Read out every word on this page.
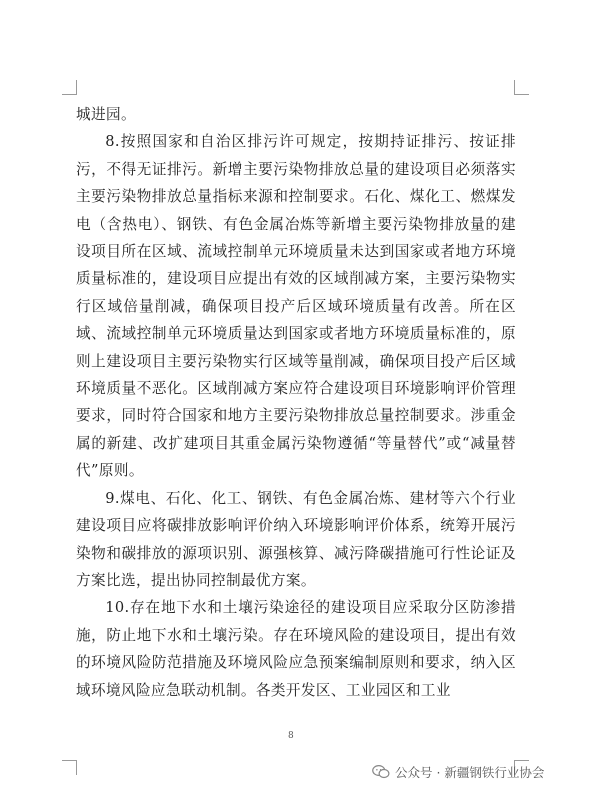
城进园。

8.按照国家和自治区排污许可规定，按期持证排污、按证排污，不得无证排污。新增主要污染物排放总量的建设项目必须落实主要污染物排放总量指标来源和控制要求。石化、煤化工、燃煤发电（含热电）、钢铁、有色金属冶炼等新增主要污染物排放量的建设项目所在区域、流域控制单元环境质量未达到国家或者地方环境质量标准的，建设项目应提出有效的区域削减方案，主要污染物实行区域倍量削减，确保项目投产后区域环境质量有改善。所在区域、流域控制单元环境质量达到国家或者地方环境质量标准的，原则上建设项目主要污染物实行区域等量削减，确保项目投产后区域环境质量不恶化。区域削减方案应符合建设项目环境影响评价管理要求，同时符合国家和地方主要污染物排放总量控制要求。涉重金属的新建、改扩建项目其重金属污染物遵循“等量替代”或“减量替代”原则。

9.煤电、石化、化工、钢铁、有色金属冶炼、建材等六个行业建设项目应将碳排放影响评价纳入环境影响评价体系，统筹开展污染物和碳排放的源项识别、源强核算、减污降碳措施可行性论证及方案比选，提出协同控制最优方案。

10.存在地下水和土壤污染途径的建设项目应采取分区防渗措施，防止地下水和土壤污染。存在环境风险的建设项目，提出有效的环境风险防范措施及环境风险应急预案编制原则和要求，纳入区域环境风险应急联动机制。各类开发区、工业园区和工业

8
公众号 · 新疆钢铁行业协会
